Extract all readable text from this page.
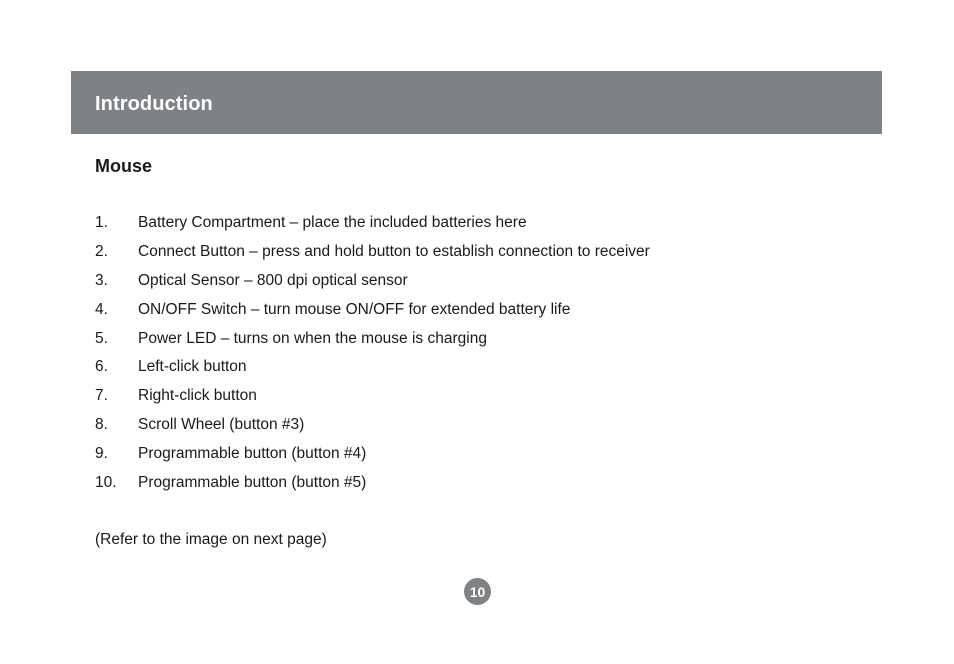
Introduction
Mouse
1.	Battery Compartment – place the included batteries here
2.	Connect Button – press and hold button to establish connection to receiver
3.	Optical Sensor – 800 dpi optical sensor
4.	ON/OFF Switch – turn mouse ON/OFF for extended battery life
5.	Power LED – turns on when the mouse is charging
6.	Left-click button
7.	Right-click button
8.	Scroll Wheel (button #3)
9.	Programmable button (button #4)
10.	Programmable button (button #5)
(Refer to the image on next page)
10
